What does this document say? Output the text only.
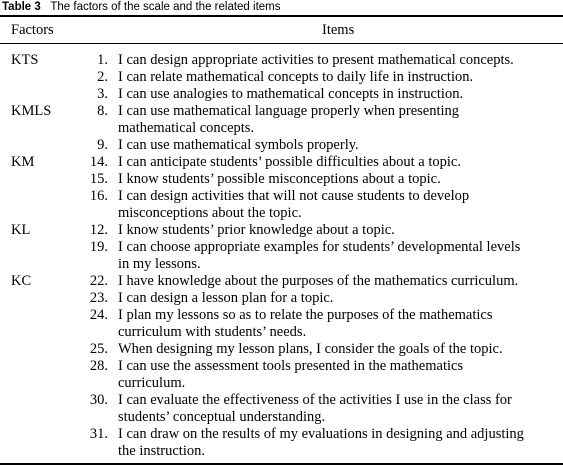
Table 3 The factors of the scale and the related items
Factors	Items
KTS	1. I can design appropriate activities to present mathematical concepts.
2. I can relate mathematical concepts to daily life in instruction.
3. I can use analogies to mathematical concepts in instruction.
KMLS	8. I can use mathematical language properly when presenting
mathematical concepts.
9. I can use mathematical symbols properly.
KM	14. I can anticipate students’ possible difficulties about a topic.
15. I know students’ possible misconceptions about a topic.
16. I can design activities that will not cause students to develop
misconceptions about the topic.
KL	12. I know students’ prior knowledge about a topic.
19. I can choose appropriate examples for students’ developmental levels
in my lessons.
KC	22. I have knowledge about the purposes of the mathematics curriculum.
23. I can design a lesson plan for a topic.
24. I plan my lessons so as to relate the purposes of the mathematics
curriculum with students’ needs.
25. When designing my lesson plans, I consider the goals of the topic.
28. I can use the assessment tools presented in the mathematics
curriculum.
30. I can evaluate the effectiveness of the activities I use in the class for
students’ conceptual understanding.
31. I can draw on the results of my evaluations in designing and adjusting
the instruction.
